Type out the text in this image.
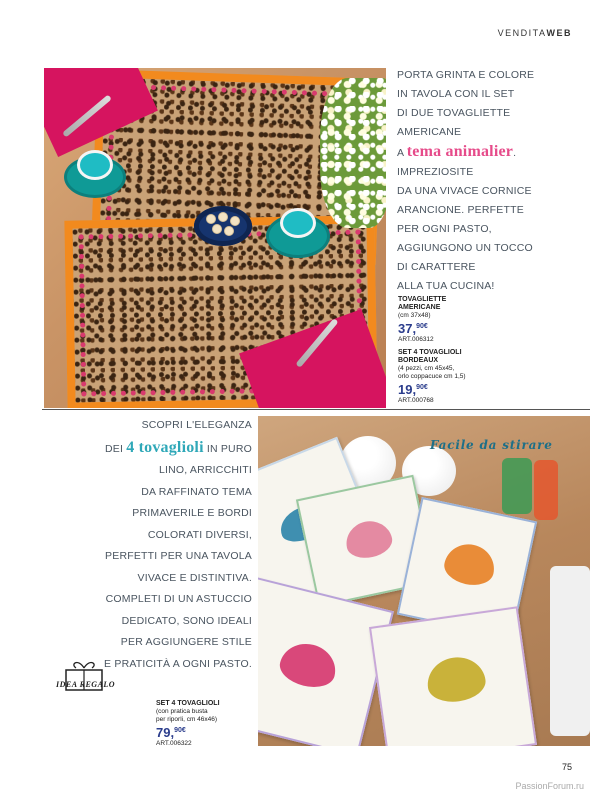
VENDITAWEB
PORTA GRINTA E COLORE
IN TAVOLA CON IL SET
DI DUE TOVAGLIETTE
AMERICANE
A tema animalier.
IMPREZIOSITE
DA UNA VIVACE CORNICE
ARANCIONE. PERFETTE
PER OGNI PASTO,
AGGIUNGONO UN TOCCO
DI CARATTERE
ALLA TUA CUCINA!
TOVAGLIETTE
AMERICANE
(cm 37x48)
37,$^{90€}$
ART.006312
SET 4 TOVAGLIOLI
BORDEAUX
(4 pezzi, cm 45x45,
orlo coppacuce cm 1,5)
19,$^{90€}$
ART.000768
SCOPRI L'ELEGANZA
DEI 4 tovaglioli IN PURO
LINO, ARRICCHITI
DA RAFFINATO TEMA
PRIMAVERILE E BORDI
COLORATI DIVERSI,
PERFETTI PER UNA TAVOLA
VIVACE E DISTINTIVA.
COMPLETI DI UN ASTUCCIO
DEDICATO, SONO IDEALI
PER AGGIUNGERE STILE
E PRATICITÀ A OGNI PASTO.
IDEA REGALO
SET 4 TOVAGLIOLI
(con pratica busta
per riporli, cm 46x46)
79,$^{90€}$
ART.006322
Facile da stirare
75
PassionForum.ru
